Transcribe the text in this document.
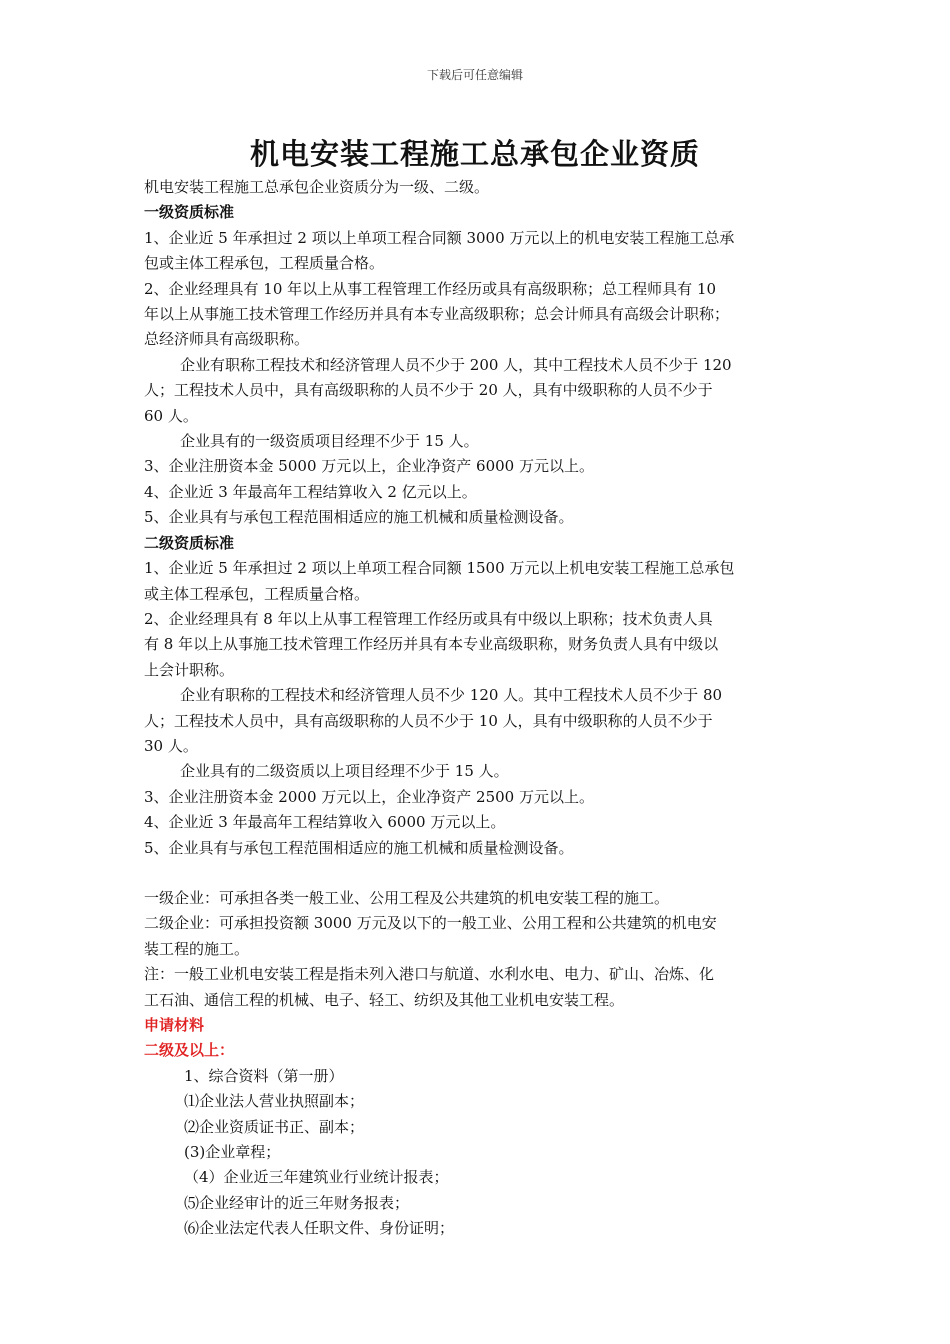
下载后可任意编辑
机电安装工程施工总承包企业资质

机电安装工程施工总承包企业资质分为一级、二级。

一级资质标准

1、企业近 5 年承担过 2 项以上单项工程合同额 3000 万元以上的机电安装工程施工总承

包或主体工程承包，工程质量合格。

2、企业经理具有 10 年以上从事工程管理工作经历或具有高级职称；总工程师具有 10

年以上从事施工技术管理工作经历并具有本专业高级职称；总会计师具有高级会计职称；

总经济师具有高级职称。

企业有职称工程技术和经济管理人员不少于 200 人，其中工程技术人员不少于 120

人；工程技术人员中，具有高级职称的人员不少于 20 人，具有中级职称的人员不少于

60 人。

企业具有的一级资质项目经理不少于 15 人。

3、企业注册资本金 5000 万元以上，企业净资产 6000 万元以上。

4、企业近 3 年最高年工程结算收入 2 亿元以上。

5、企业具有与承包工程范围相适应的施工机械和质量检测设备。

二级资质标准

1、企业近 5 年承担过 2 项以上单项工程合同额 1500 万元以上机电安装工程施工总承包

或主体工程承包，工程质量合格。

2、企业经理具有 8 年以上从事工程管理工作经历或具有中级以上职称；技术负责人具

有 8 年以上从事施工技术管理工作经历并具有本专业高级职称，财务负责人具有中级以

上会计职称。

企业有职称的工程技术和经济管理人员不少 120 人。其中工程技术人员不少于 80

人；工程技术人员中，具有高级职称的人员不少于 10 人，具有中级职称的人员不少于

30 人。

企业具有的二级资质以上项目经理不少于 15 人。

3、企业注册资本金 2000 万元以上，企业净资产 2500 万元以上。

4、企业近 3 年最高年工程结算收入 6000 万元以上。

5、企业具有与承包工程范围相适应的施工机械和质量检测设备。

一级企业：可承担各类一般工业、公用工程及公共建筑的机电安装工程的施工。

二级企业：可承担投资额 3000 万元及以下的一般工业、公用工程和公共建筑的机电安

装工程的施工。

注：一般工业机电安装工程是指未列入港口与航道、水利水电、电力、矿山、冶炼、化

工石油、通信工程的机械、电子、轻工、纺织及其他工业机电安装工程。

申请材料

二级及以上：

1、综合资料（第一册）

⑴企业法人营业执照副本；

⑵企业资质证书正、副本；

(3)企业章程；

（4）企业近三年建筑业行业统计报表；

⑸企业经审计的近三年财务报表；

⑹企业法定代表人任职文件、身份证明；
